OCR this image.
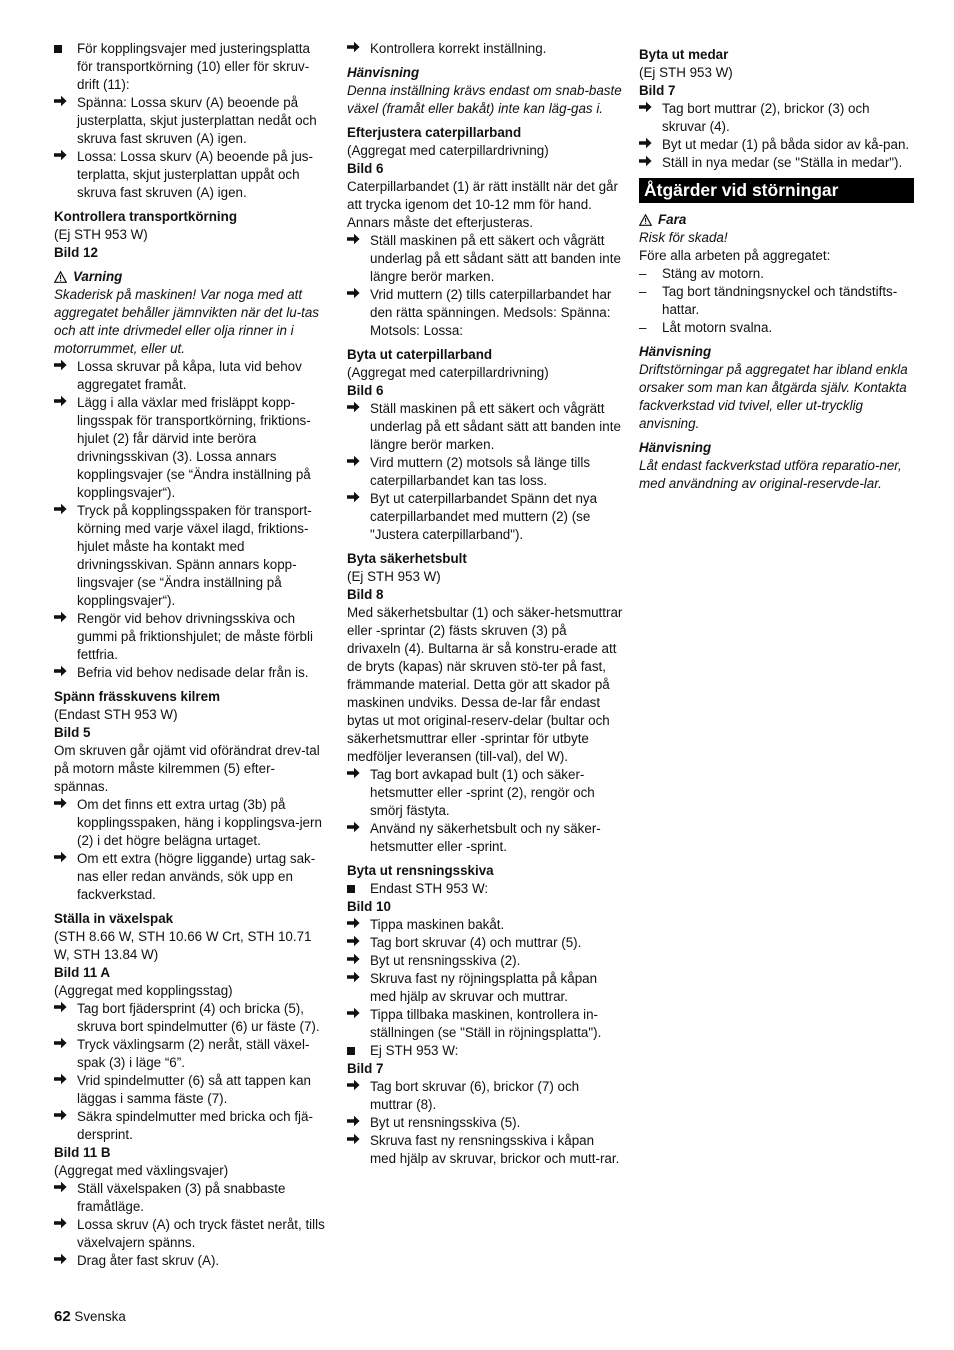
För kopplingsvajer med justeringsplatta för transportkörning (10) eller för skruv-drift (11):
Spänna: Lossa skurv (A) beoende på justerplatta, skjut justerplattan nedåt och skruva fast skruven (A) igen.
Lossa: Lossa skurv (A) beoende på jus-terplatta, skjut justerplattan uppåt och skruva fast skruven (A) igen.
Kontrollera transportkörning
(Ej STH 953 W)
Bild 12
Varning
Skaderisk på maskinen! Var noga med att aggregatet behåller jämnvikten när det lu-tas och att inte drivmedel eller olja rinner in i motorrummet, eller ut.
Lossa skruvar på kåpa, luta vid behov aggregatet framåt.
Lägg i alla växlar med frisläppt kopp-lingsspak för transportkörning, friktions-hjulet (2) får därvid inte beröra drivningsskivan (3). Lossa annars kopplingsvajer (se “Ändra inställning på kopplingsvajer“).
Tryck på kopplingsspaken för transport-körning med varje växel ilagd, friktions-hjulet måste ha kontakt med drivningsskivan. Spänn annars kopp-lingsvajer (se “Ändra inställning på kopplingsvajer“).
Rengör vid behov drivningsskiva och gummi på friktionshjulet; de måste förbli fettfria.
Befria vid behov nedisade delar från is.
Spänn frässkuvens kilrem
(Endast STH 953 W)
Bild 5
Om skruven går ojämt vid oförändrat drev-tal på motorn måste kilremmen (5) efter-spännas.
Om det finns ett extra urtag (3b) på kopplingsspaken, häng i kopplingsva-jern (2) i det högre belägna urtaget.
Om ett extra (högre liggande) urtag sak-nas eller redan används, sök upp en fackverkstad.
Ställa in växelspak
(STH 8.66 W, STH 10.66 W Crt, STH 10.71 W, STH 13.84 W)
Bild 11 A
(Aggregat med kopplingsstag)
Tag bort fjädersprint (4) och bricka (5), skruva bort spindelmutter (6) ur fäste (7).
Tryck växlingsarm (2) neråt, ställ växel-spak (3) i läge “6”.
Vrid spindelmutter (6) så att tappen kan läggas i samma fäste (7).
Säkra spindelmutter med bricka och fjä-dersprint.
Bild 11 B
(Aggregat med växlingsvajer)
Ställ växelspaken (3) på snabbaste framåtläge.
Lossa skruv (A) och tryck fästet neråt, tills växelvajern spänns.
Drag åter fast skruv (A).
Kontrollera korrekt inställning.
Hänvisning
Denna inställning krävs endast om snab-baste växel (framåt eller bakåt) inte kan läg-gas i.
Efterjustera caterpillarband
(Aggregat med caterpillardrivning)
Bild 6
Caterpillarbandet (1) är rätt inställt när det går att trycka igenom det 10-12 mm för hand. Annars måste det efterjusteras.
Ställ maskinen på ett säkert och vågrätt underlag på ett sådant sätt att banden inte längre berör marken.
Vrid muttern (2) tills caterpillarbandet har den rätta spänningen. Medsols: Spänna: Motsols: Lossa:
Byta ut caterpillarband
(Aggregat med caterpillardrivning)
Bild 6
Ställ maskinen på ett säkert och vågrätt underlag på ett sådant sätt att banden inte längre berör marken.
Vird muttern (2) motsols så länge tills caterpillarbandet kan tas loss.
Byt ut caterpillarbandet Spänn det nya caterpillarbandet med muttern (2) (se "Justera caterpillarband").
Byta säkerhetsbult
(Ej STH 953 W)
Bild 8
Med säkerhetsbultar (1) och säker-hetsmuttrar eller -sprintar (2) fästs skruven (3) på drivaxeln (4). Bultarna är så konstru-erade att de bryts (kapas) när skruven stö-ter på fast, främmande material. Detta gör att skador på maskinen undviks. Dessa de-lar får endast bytas ut mot original-reserv-delar (bultar och säkerhetsmuttrar eller -sprintar för utbyte medföljer leveransen (till-val), del W).
Tag bort avkapad bult (1) och säker-hetsmutter eller -sprint (2), rengör och smörj fästyta.
Använd ny säkerhetsbult och ny säker-hetsmutter eller -sprint.
Byta ut rensningsskiva
Endast STH 953 W:
Bild 10
Tippa maskinen bakåt.
Tag bort skruvar (4) och muttrar (5).
Byt ut rensningsskiva (2).
Skruva fast ny röjningsplatta på kåpan med hjälp av skruvar och muttrar.
Tippa tillbaka maskinen, kontrollera in-ställningen (se "Ställ in röjningsplatta").
Ej STH 953 W:
Bild 7
Tag bort skruvar (6), brickor (7) och muttrar (8).
Byt ut rensningsskiva (5).
Skruva fast ny rensningsskiva i kåpan med hjälp av skruvar, brickor och mutt-rar.
Byta ut medar
(Ej STH 953 W)
Bild 7
Tag bort muttrar (2), brickor (3) och skruvar (4).
Byt ut medar (1) på båda sidor av kå-pan.
Ställ in nya medar (se "Ställa in medar").
Åtgärder vid störningar
Fara
Risk för skada!
Före alla arbeten på aggregatet:
–	Stäng av motorn.
–	Tag bort tändningsnyckel och tändstifts-hattar.
–	Låt motorn svalna.
Hänvisning
Driftstörningar på aggregatet har ibland enkla orsaker som man kan åtgärda själv. Kontakta fackverkstad vid tvivel, eller ut-trycklig anvisning.
Hänvisning
Låt endast fackverkstad utföra reparatio-ner, med användning av original-reservde-lar.
62 Svenska
